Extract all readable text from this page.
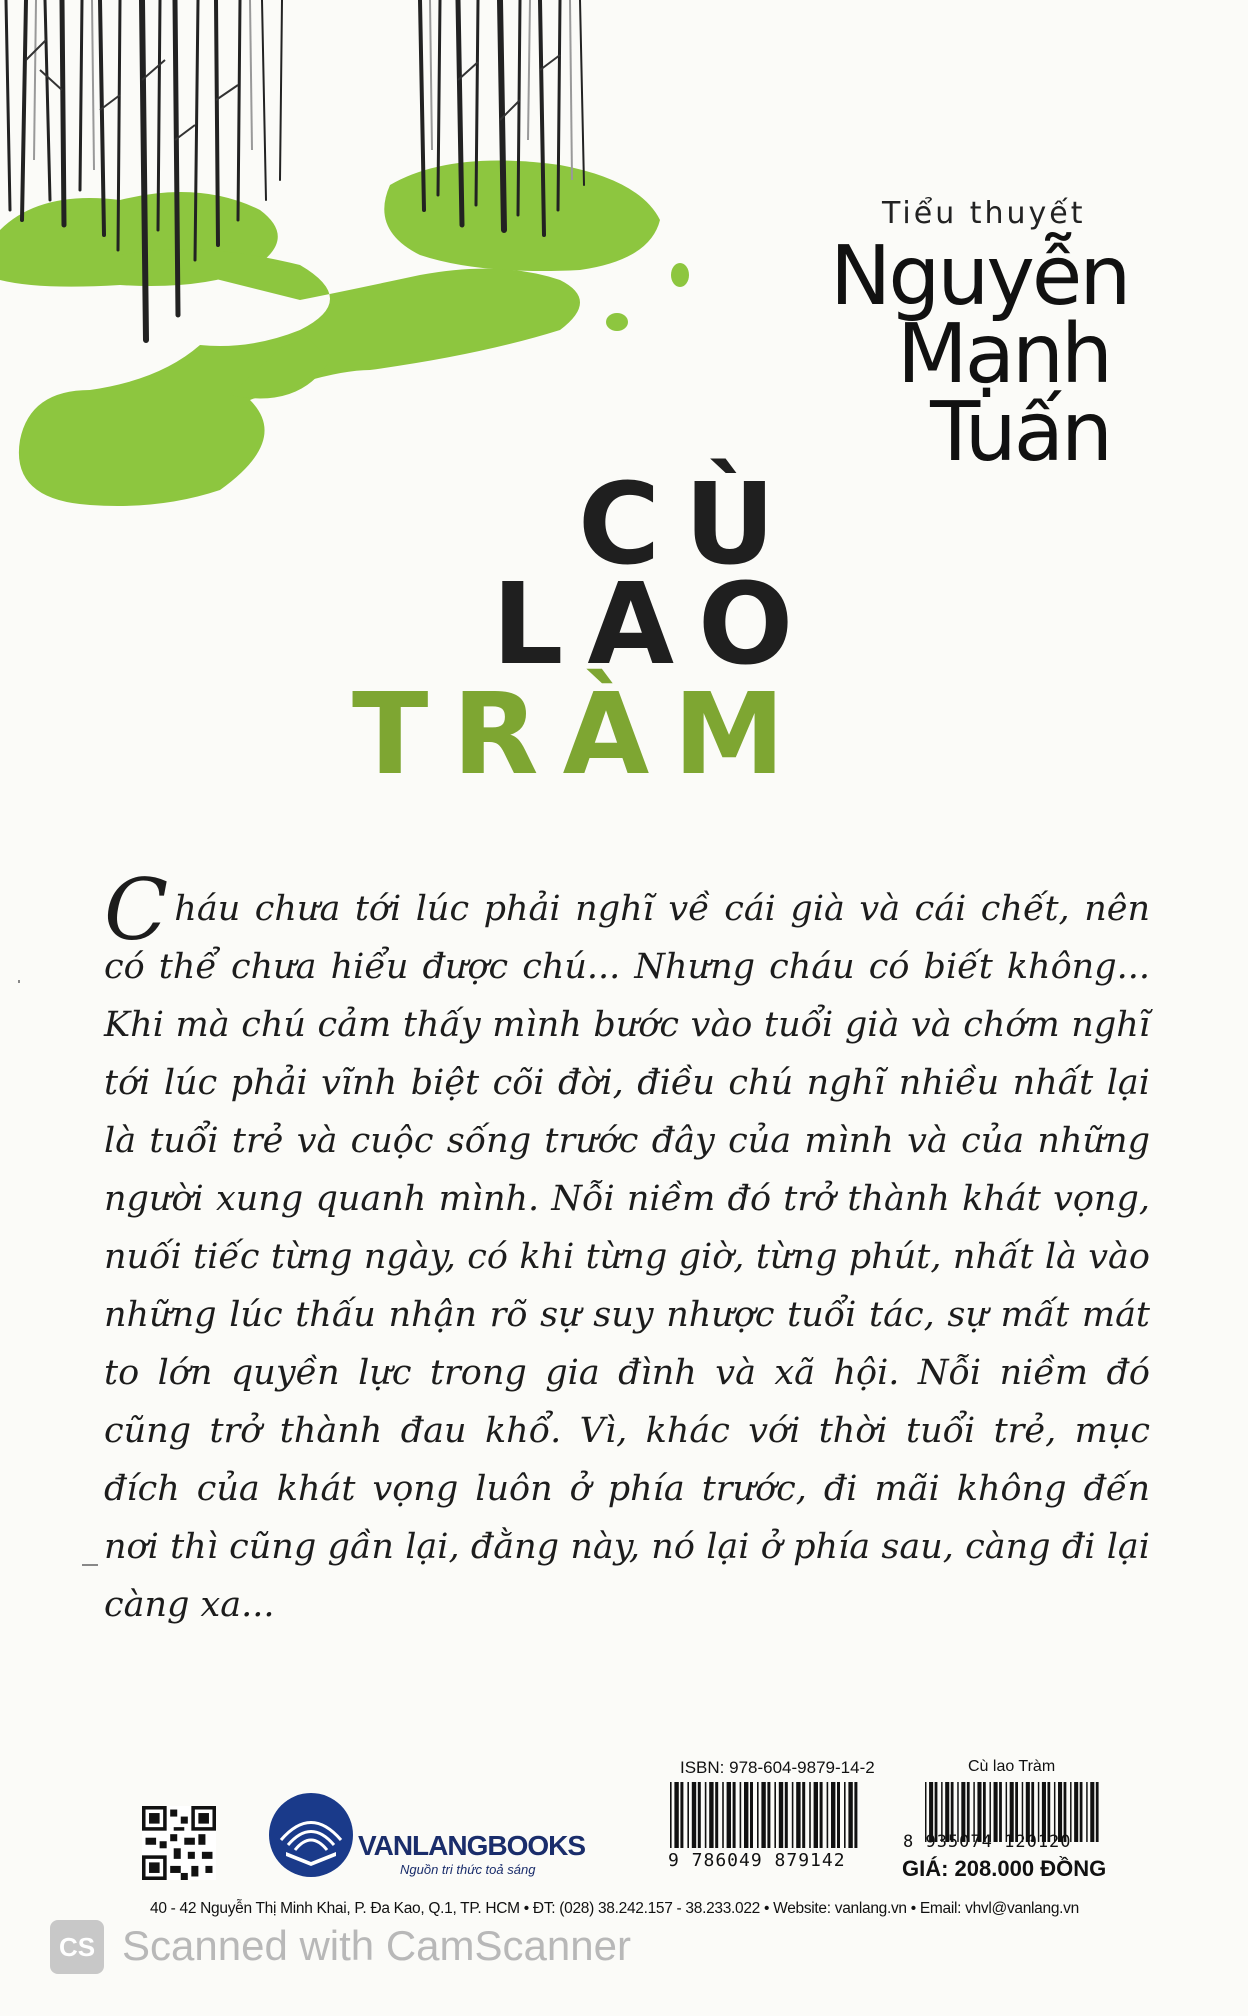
Tiểu thuyết
Nguyễn
Mạnh
Tuấn
CÙ
LAO
TRÀM
Cháu chưa tới lúc phải nghĩ về cái già và cái chết, nên có thể chưa hiểu được chú... Nhưng cháu có biết không... Khi mà chú cảm thấy mình bước vào tuổi già và chớm nghĩ tới lúc phải vĩnh biệt cõi đời, điều chú nghĩ nhiều nhất lại là tuổi trẻ và cuộc sống trước đây của mình và của những người xung quanh mình. Nỗi niềm đó trở thành khát vọng, nuối tiếc từng ngày, có khi từng giờ, từng phút, nhất là vào những lúc thấu nhận rõ sự suy nhược tuổi tác, sự mất mát to lớn quyền lực trong gia đình và xã hội. Nỗi niềm đó cũng trở thành đau khổ. Vì, khác với thời tuổi trẻ, mục đích của khát vọng luôn ở phía trước, đi mãi không đến nơi thì cũng gần lại, đằng này, nó lại ở phía sau, càng đi lại càng xa...
VANLANGBOOKS
Nguồn tri thức toả sáng
ISBN: 978-604-9879-14-2
9 786049 879142
Cù lao Tràm
8 935074 120120
GIÁ: 208.000 ĐỒNG
40 - 42 Nguyễn Thị Minh Khai, P. Đa Kao, Q.1, TP. HCM • ĐT: (028) 38.242.157 - 38.233.022 • Website: vanlang.vn • Email: vhvl@vanlang.vn
CS Scanned with CamScanner
